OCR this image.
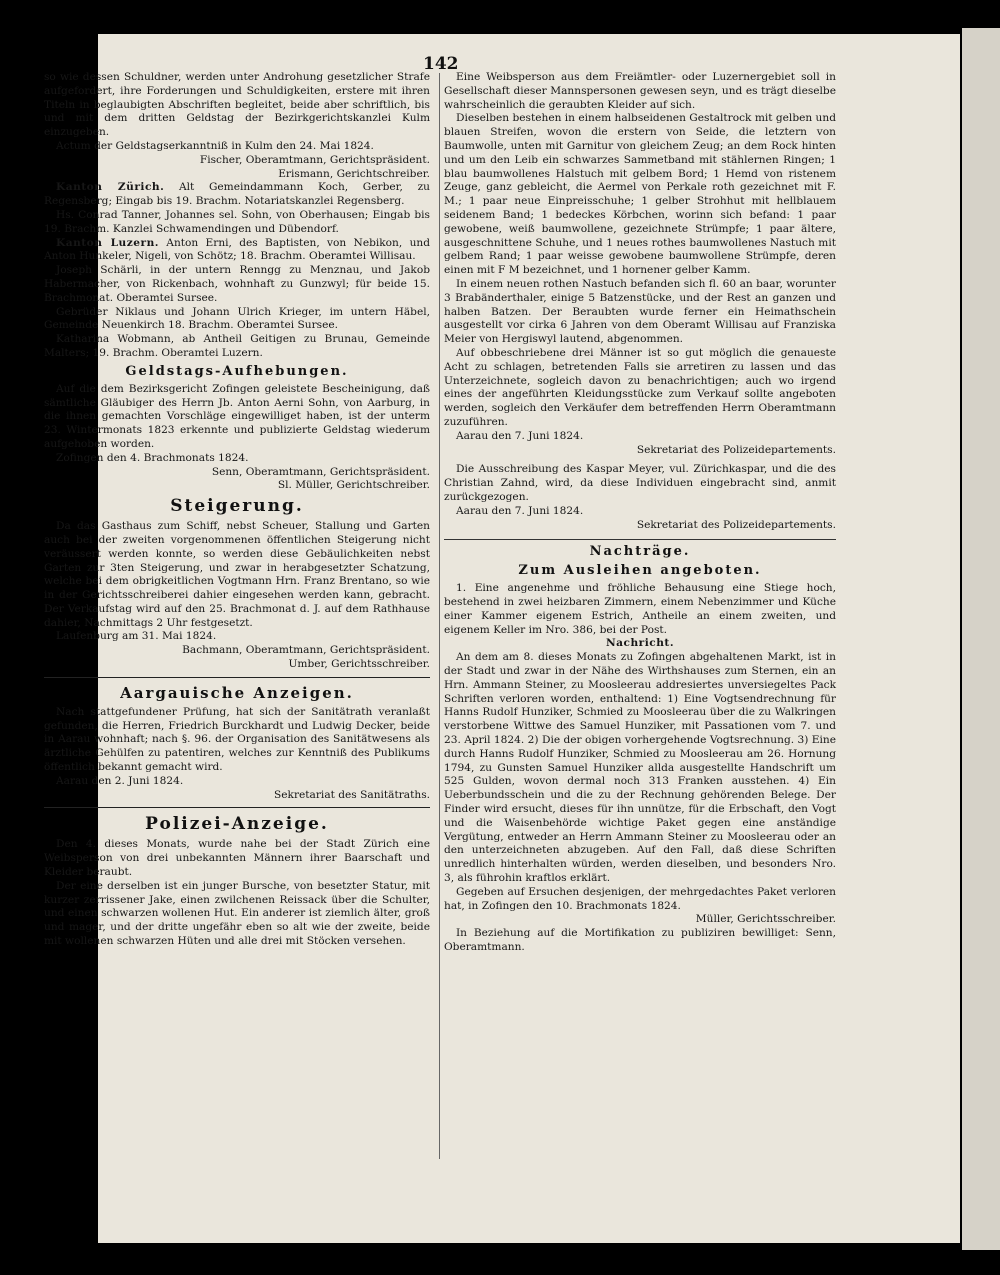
142

so wie dessen Schuldner, werden unter Androhung gesetzlicher Strafe aufgefordert, ihre Forderungen und Schuldigkeiten, erstere mit ihren Titeln in beglaubigten Abschriften begleitet, beide aber schriftlich, bis und mit dem dritten Geldstag der Bezirkgerichtskanzlei Kulm einzugeben.

Actum der Geldstagserkanntniß in Kulm den 24. Mai 1824.

Fischer, Oberamtmann, Gerichtspräsident.

Erismann, Gerichtschreiber.

Kanton Zürich. Alt Gemeindammann Koch, Gerber, zu Regensberg; Eingab bis 19. Brachm. Notariatskanzlei Regensberg.

Hs. Conrad Tanner, Johannes sel. Sohn, von Oberhausen; Eingab bis 19. Brachm. Kanzlei Schwamendingen und Dübendorf.

Kanton Luzern. Anton Erni, des Baptisten, von Nebikon, und Anton Hunkeler, Nigeli, von Schötz; 18. Brachm. Oberamtei Willisau.

Joseph Schärli, in der untern Renngg zu Menznau, und Jakob Habermacher, von Rickenbach, wohnhaft zu Gunzwyl; für beide 15. Brachmonat. Oberamtei Sursee.

Gebrüder Niklaus und Johann Ulrich Krieger, im untern Häbel, Gemeinde Neuenkirch 18. Brachm. Oberamtei Sursee.

Katharina Wobmann, ab Antheil Geitigen zu Brunau, Gemeinde Malters; 19. Brachm. Oberamtei Luzern.

Geldstags-Aufhebungen.

Auf die dem Bezirksgericht Zofingen geleistete Bescheinigung, daß sämtliche Gläubiger des Herrn Jb. Anton Aerni Sohn, von Aarburg, in die ihnen gemachten Vorschläge eingewilliget haben, ist der unterm 23. Wintermonats 1823 erkennte und publizierte Geldstag wiederum aufgehoben worden.

Zofingen den 4. Brachmonats 1824.

Senn, Oberamtmann, Gerichtspräsident.

Sl. Müller, Gerichtschreiber.

Steigerung.

Da das Gasthaus zum Schiff, nebst Scheuer, Stallung und Garten auch bei der zweiten vorgenommenen öffentlichen Steigerung nicht veräussert werden konnte, so werden diese Gebäulichkeiten nebst Garten zur 3ten Steigerung, und zwar in herabgesetzter Schatzung, welche bei dem obrigkeitlichen Vogtmann Hrn. Franz Brentano, so wie in der Gerichtsschreiberei dahier eingesehen werden kann, gebracht. Der Verkaufstag wird auf den 25. Brachmonat d. J. auf dem Rathhause dahier, Nachmittags 2 Uhr festgesetzt.

Laufenburg am 31. Mai 1824.

Bachmann, Oberamtmann, Gerichtspräsident.

Umber, Gerichtsschreiber.

Aargauische Anzeigen.

Nach stattgefundener Prüfung, hat sich der Sanitätrath veranlaßt gefunden, die Herren, Friedrich Burckhardt und Ludwig Decker, beide in Aarau wohnhaft; nach §. 96. der Organisation des Sanitätwesens als ärztliche Gehülfen zu patentiren, welches zur Kenntniß des Publikums öffentlich bekannt gemacht wird.

Aarau den 2. Juni 1824.

Sekretariat des Sanitätraths.

Polizei-Anzeige.

Den 4. dieses Monats, wurde nahe bei der Stadt Zürich eine Weibsperson von drei unbekannten Männern ihrer Baarschaft und Kleider beraubt.

Der eine derselben ist ein junger Bursche, von besetzter Statur, mit kurzer zerrissener Jake, einen zwilchenen Reissack über die Schulter, und einen schwarzen wollenen Hut. Ein anderer ist ziemlich älter, groß und mager, und der dritte ungefähr eben so alt wie der zweite, beide mit wollenen schwarzen Hüten und alle drei mit Stöcken versehen.

Eine Weibsperson aus dem Freiämtler- oder Luzernergebiet soll in Gesellschaft dieser Mannspersonen gewesen seyn, und es trägt dieselbe wahrscheinlich die geraubten Kleider auf sich.

Dieselben bestehen in einem halbseidenen Gestaltrock mit gelben und blauen Streifen, wovon die erstern von Seide, die letztern von Baumwolle, unten mit Garnitur von gleichem Zeug; an dem Rock hinten und um den Leib ein schwarzes Sammetband mit stählernen Ringen; 1 blau baumwollenes Halstuch mit gelbem Bord; 1 Hemd von ristenem Zeuge, ganz gebleicht, die Aermel von Perkale roth gezeichnet mit F. M.; 1 paar neue Einpreisschuhe; 1 gelber Strohhut mit hellblauem seidenem Band; 1 bedeckes Körbchen, worinn sich befand: 1 paar gewobene, weiß baumwollene, gezeichnete Strümpfe; 1 paar ältere, ausgeschnittene Schuhe, und 1 neues rothes baumwollenes Nastuch mit gelbem Rand; 1 paar weisse gewobene baumwollene Strümpfe, deren einen mit F M bezeichnet, und 1 hornener gelber Kamm.

In einem neuen rothen Nastuch befanden sich fl. 60 an baar, worunter 3 Brabänderthaler, einige 5 Batzenstücke, und der Rest an ganzen und halben Batzen. Der Beraubten wurde ferner ein Heimathschein ausgestellt vor cirka 6 Jahren von dem Oberamt Willisau auf Franziska Meier von Hergiswyl lautend, abgenommen.

Auf obbeschriebene drei Männer ist so gut möglich die genaueste Acht zu schlagen, betretenden Falls sie arretiren zu lassen und das Unterzeichnete, sogleich davon zu benachrichtigen; auch wo irgend eines der angeführten Kleidungsstücke zum Verkauf sollte angeboten werden, sogleich den Verkäufer dem betreffenden Herrn Oberamtmann zuzuführen.

Aarau den 7. Juni 1824.

Sekretariat des Polizeidepartements.

Die Ausschreibung des Kaspar Meyer, vul. Zürichkaspar, und die des Christian Zahnd, wird, da diese Individuen eingebracht sind, anmit zurückgezogen.

Aarau den 7. Juni 1824.

Sekretariat des Polizeidepartements.

Nachträge.
Zum Ausleihen angeboten.

1. Eine angenehme und fröhliche Behausung eine Stiege hoch, bestehend in zwei heizbaren Zimmern, einem Nebenzimmer und Küche einer Kammer eigenem Estrich, Antheile an einem zweiten, und eigenem Keller im Nro. 386, bei der Post.

Nachricht.

An dem am 8. dieses Monats zu Zofingen abgehaltenen Markt, ist in der Stadt und zwar in der Nähe des Wirthshauses zum Sternen, ein an Hrn. Ammann Steiner, zu Moosleerau addresiertes unversiegeltes Pack Schriften verloren worden, enthaltend: 1) Eine Vogtsendrechnung für Hanns Rudolf Hunziker, Schmied zu Moosleerau über die zu Walkringen verstorbene Wittwe des Samuel Hunziker, mit Passationen vom 7. und 23. April 1824. 2) Die der obigen vorhergehende Vogtsrechnung. 3) Eine durch Hanns Rudolf Hunziker, Schmied zu Moosleerau am 26. Hornung 1794, zu Gunsten Samuel Hunziker allda ausgestellte Handschrift um 525 Gulden, wovon dermal noch 313 Franken ausstehen. 4) Ein Ueberbundsschein und die zu der Rechnung gehörenden Belege. Der Finder wird ersucht, dieses für ihn unnütze, für die Erbschaft, den Vogt und die Waisenbehörde wichtige Paket gegen eine anständige Vergütung, entweder an Herrn Ammann Steiner zu Moosleerau oder an den unterzeichneten abzugeben. Auf den Fall, daß diese Schriften unredlich hinterhalten würden, werden dieselben, und besonders Nro. 3, als führohin kraftlos erklärt.

Gegeben auf Ersuchen desjenigen, der mehrgedachtes Paket verloren hat, in Zofingen den 10. Brachmonats 1824.

Müller, Gerichtsschreiber.

In Beziehung auf die Mortifikation zu publiziren bewilliget: Senn, Oberamtmann.
